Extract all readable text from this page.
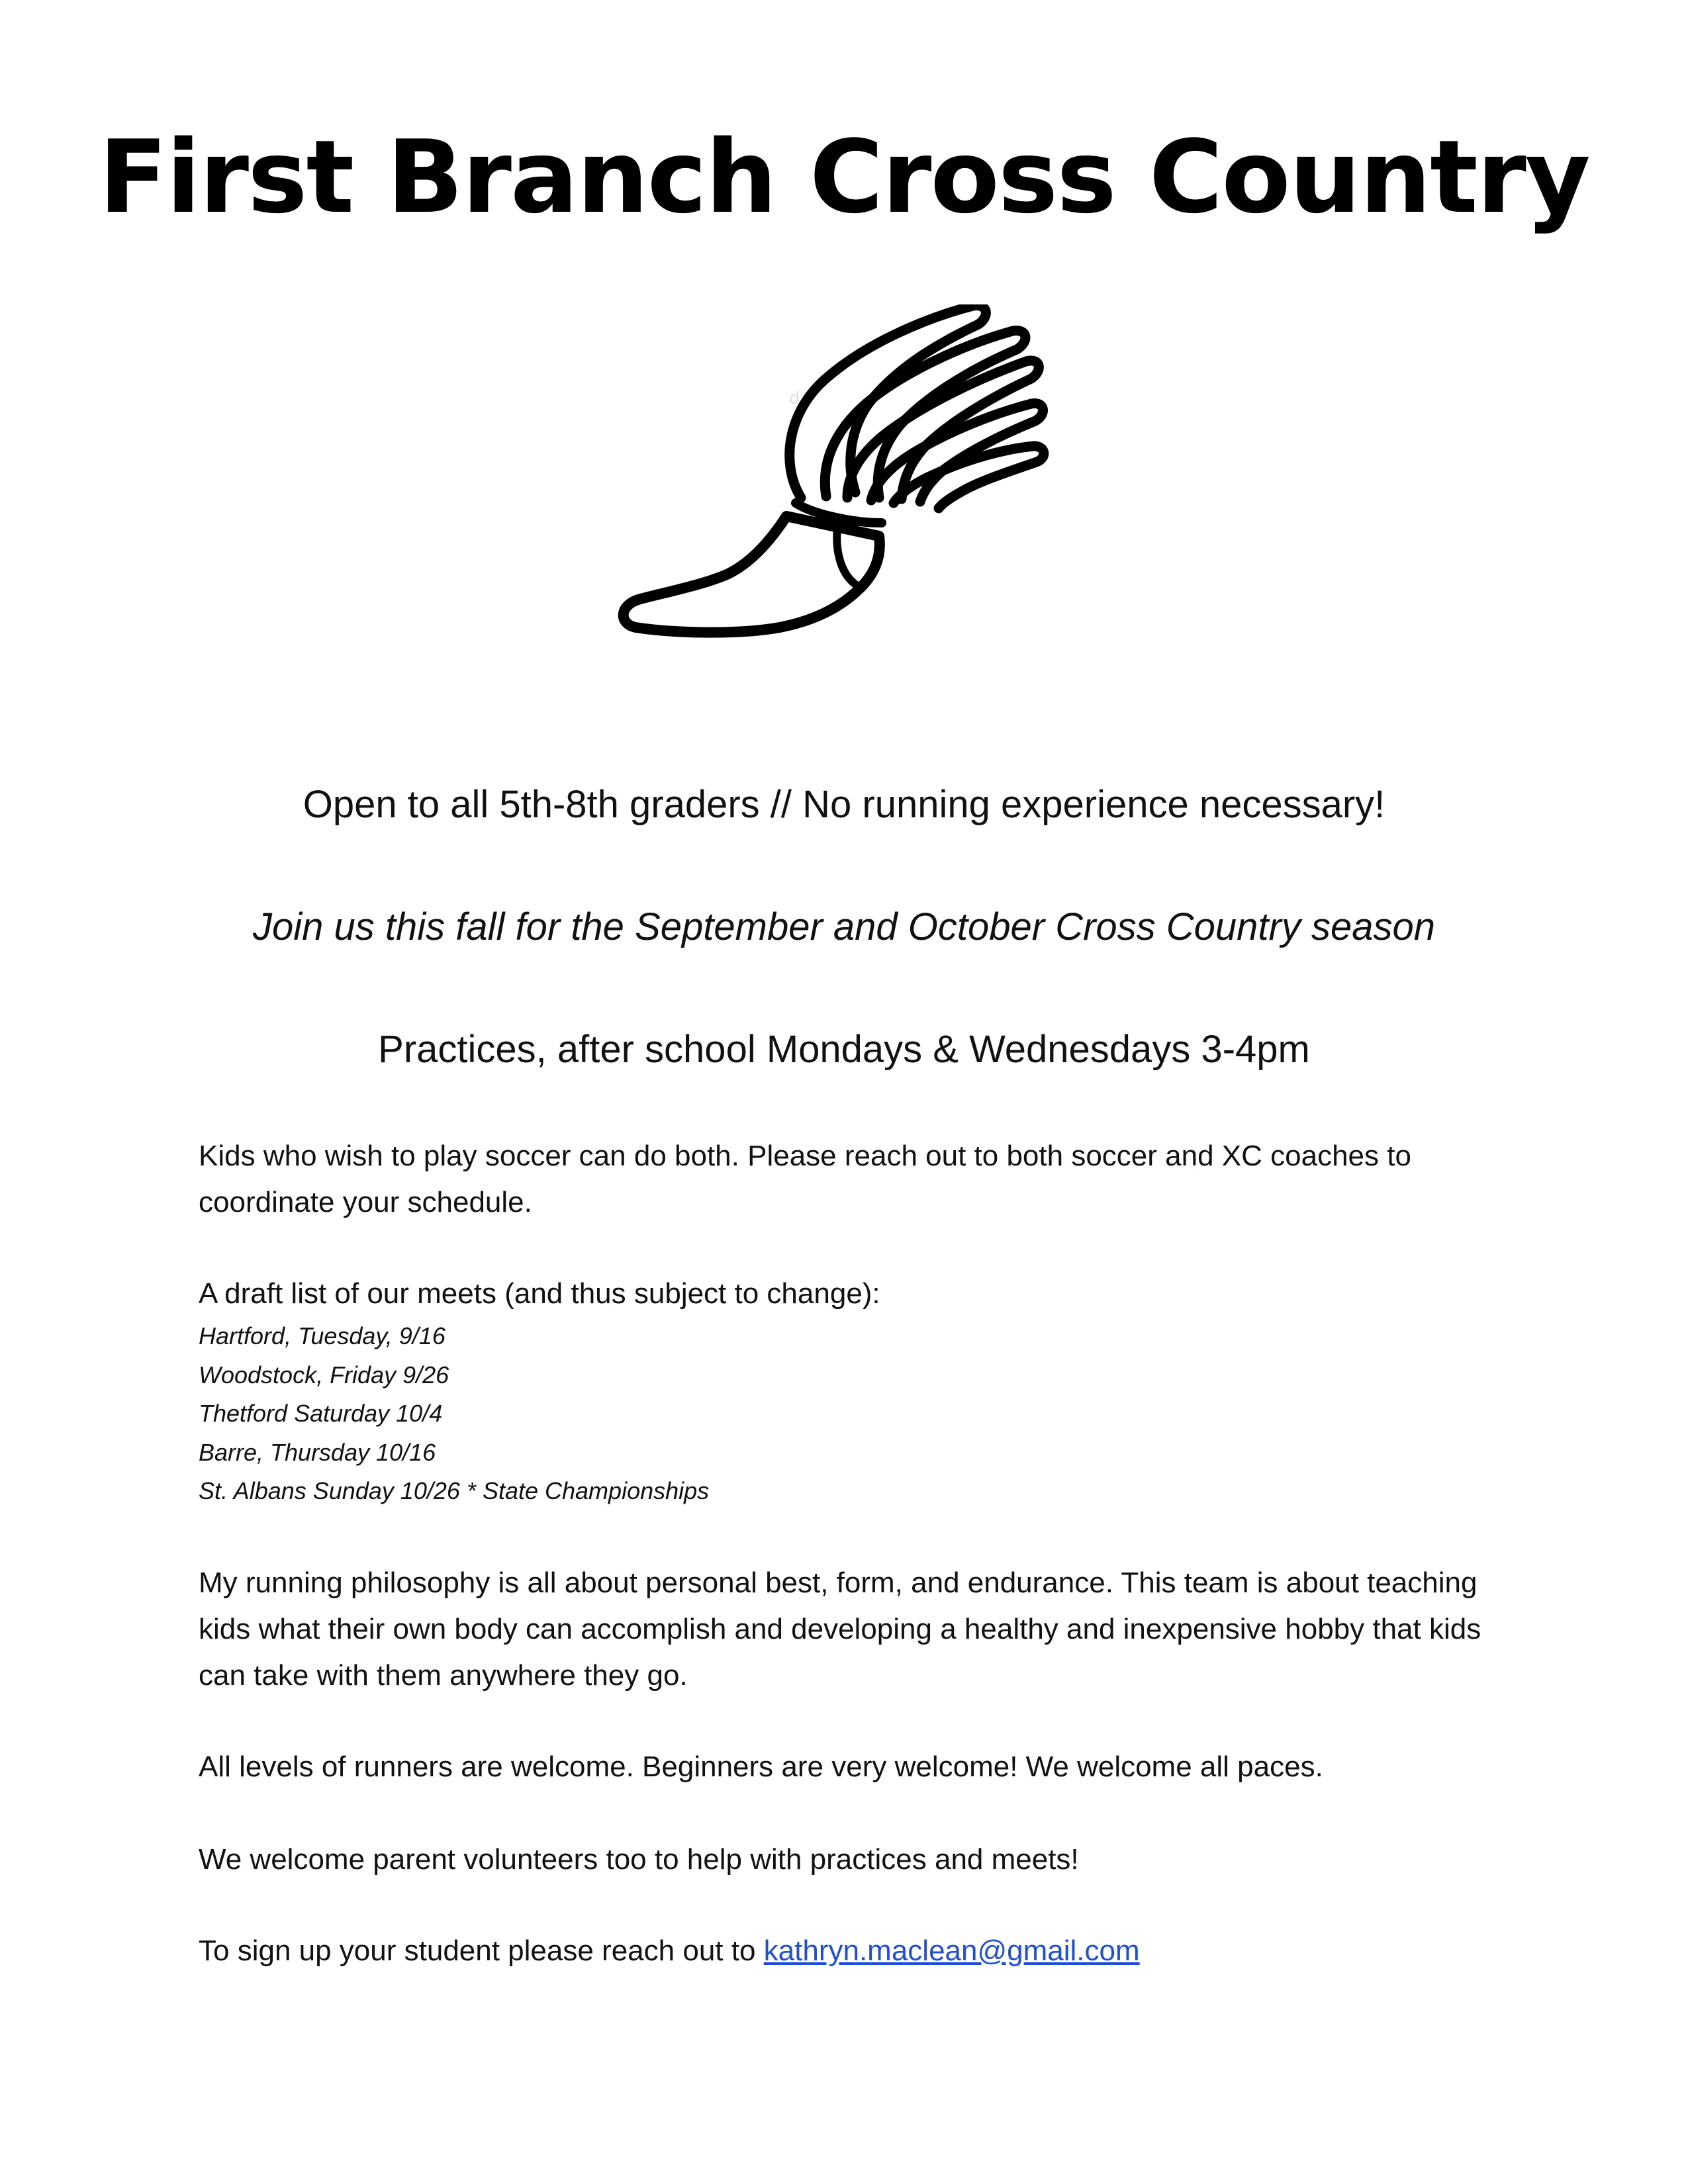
First Branch Cross Country
d
Open to all 5th-8th graders // No running experience necessary!
Join us this fall for the September and October Cross Country season
Practices, after school Mondays & Wednesdays 3-4pm
Kids who wish to play soccer can do both. Please reach out to both soccer and XC coaches to coordinate your schedule.
A draft list of our meets (and thus subject to change):
Hartford, Tuesday, 9/16
Woodstock, Friday 9/26
Thetford Saturday 10/4
Barre, Thursday 10/16
St. Albans Sunday 10/26 * State Championships
My running philosophy is all about personal best, form, and endurance. This team is about teaching kids what their own body can accomplish and developing a healthy and inexpensive hobby that kids can take with them anywhere they go.
All levels of runners are welcome. Beginners are very welcome! We welcome all paces.
We welcome parent volunteers too to help with practices and meets!
To sign up your student please reach out to kathryn.maclean@gmail.com
